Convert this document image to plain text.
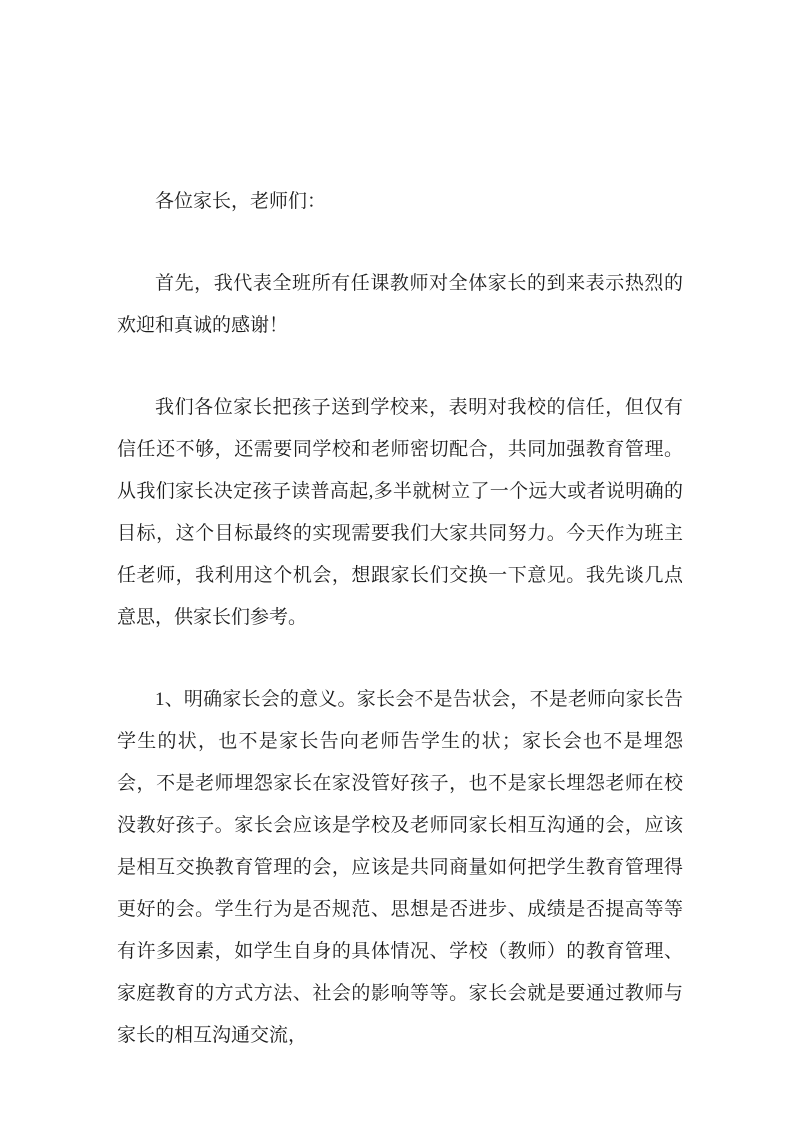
各位家长，老师们：

首先，我代表全班所有任课教师对全体家长的到来表示热烈的欢迎和真诚的感谢！

我们各位家长把孩子送到学校来，表明对我校的信任，但仅有信任还不够，还需要同学校和老师密切配合，共同加强教育管理。从我们家长决定孩子读普高起,多半就树立了一个远大或者说明确的目标，这个目标最终的实现需要我们大家共同努力。今天作为班主任老师，我利用这个机会，想跟家长们交换一下意见。我先谈几点意思，供家长们参考。

1、明确家长会的意义。家长会不是告状会，不是老师向家长告学生的状，也不是家长告向老师告学生的状；家长会也不是埋怨会，不是老师埋怨家长在家没管好孩子，也不是家长埋怨老师在校没教好孩子。家长会应该是学校及老师同家长相互沟通的会，应该是相互交换教育管理的会，应该是共同商量如何把学生教育管理得更好的会。学生行为是否规范、思想是否进步、成绩是否提高等等有许多因素，如学生自身的具体情况、学校（教师）的教育管理、家庭教育的方式方法、社会的影响等等。家长会就是要通过教师与家长的相互沟通交流，
